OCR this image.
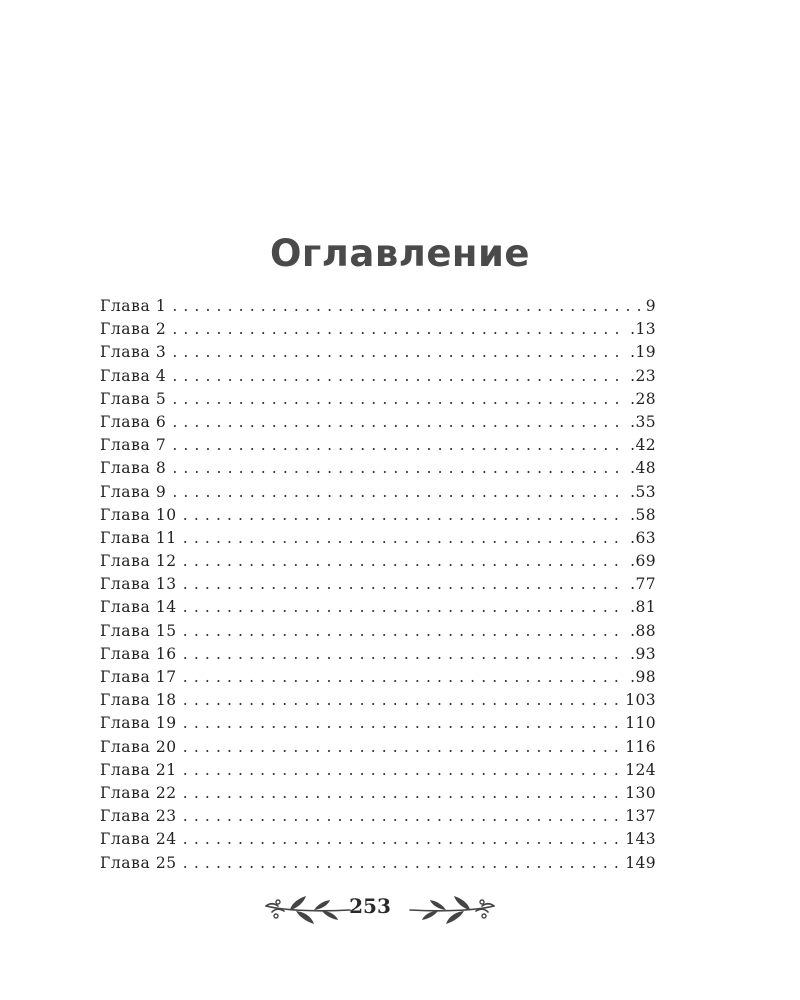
Оглавление
Глава 1 . . .	9
Глава 2 . . .	.13
Глава 3 . . .	.19
Глава 4 . . .	.23
Глава 5 . . .	.28
Глава 6 . . .	.35
Глава 7 . . .	.42
Глава 8 . . .	.48
Глава 9 . . .	.53
Глава 10 . . .	.58
Глава 11 . . .	.63
Глава 12 . . .	.69
Глава 13 . . .	.77
Глава 14 . . .	.81
Глава 15 . . .	.88
Глава 16 . . .	.93
Глава 17 . . .	.98
Глава 18 . . .	103
Глава 19 . . .	110
Глава 20 . . .	116
Глава 21 . . .	124
Глава 22 . . .	130
Глава 23 . . .	137
Глава 24 . . .	143
Глава 25 . . .	149
253
